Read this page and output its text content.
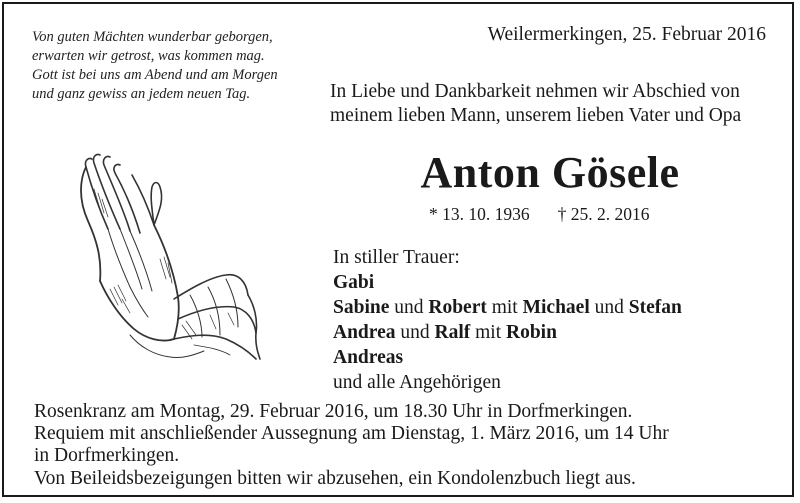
Von guten Mächten wunderbar geborgen,
erwarten wir getrost, was kommen mag.
Gott ist bei uns am Abend und am Morgen
und ganz gewiss an jedem neuen Tag.
Weilermerkingen, 25. Februar 2016
In Liebe und Dankbarkeit nehmen wir Abschied von
meinem lieben Mann, unserem lieben Vater und Opa
Anton Gösele
* 13. 10. 1936 † 25. 2. 2016
In stiller Trauer:
Gabi
Sabine und Robert mit Michael und Stefan
Andrea und Ralf mit Robin
Andreas
und alle Angehörigen
Rosenkranz am Montag, 29. Februar 2016, um 18.30 Uhr in Dorfmerkingen.
Requiem mit anschließender Aussegnung am Dienstag, 1. März 2016, um 14 Uhr
in Dorfmerkingen.
Von Beileidsbezeigungen bitten wir abzusehen, ein Kondolenzbuch liegt aus.
